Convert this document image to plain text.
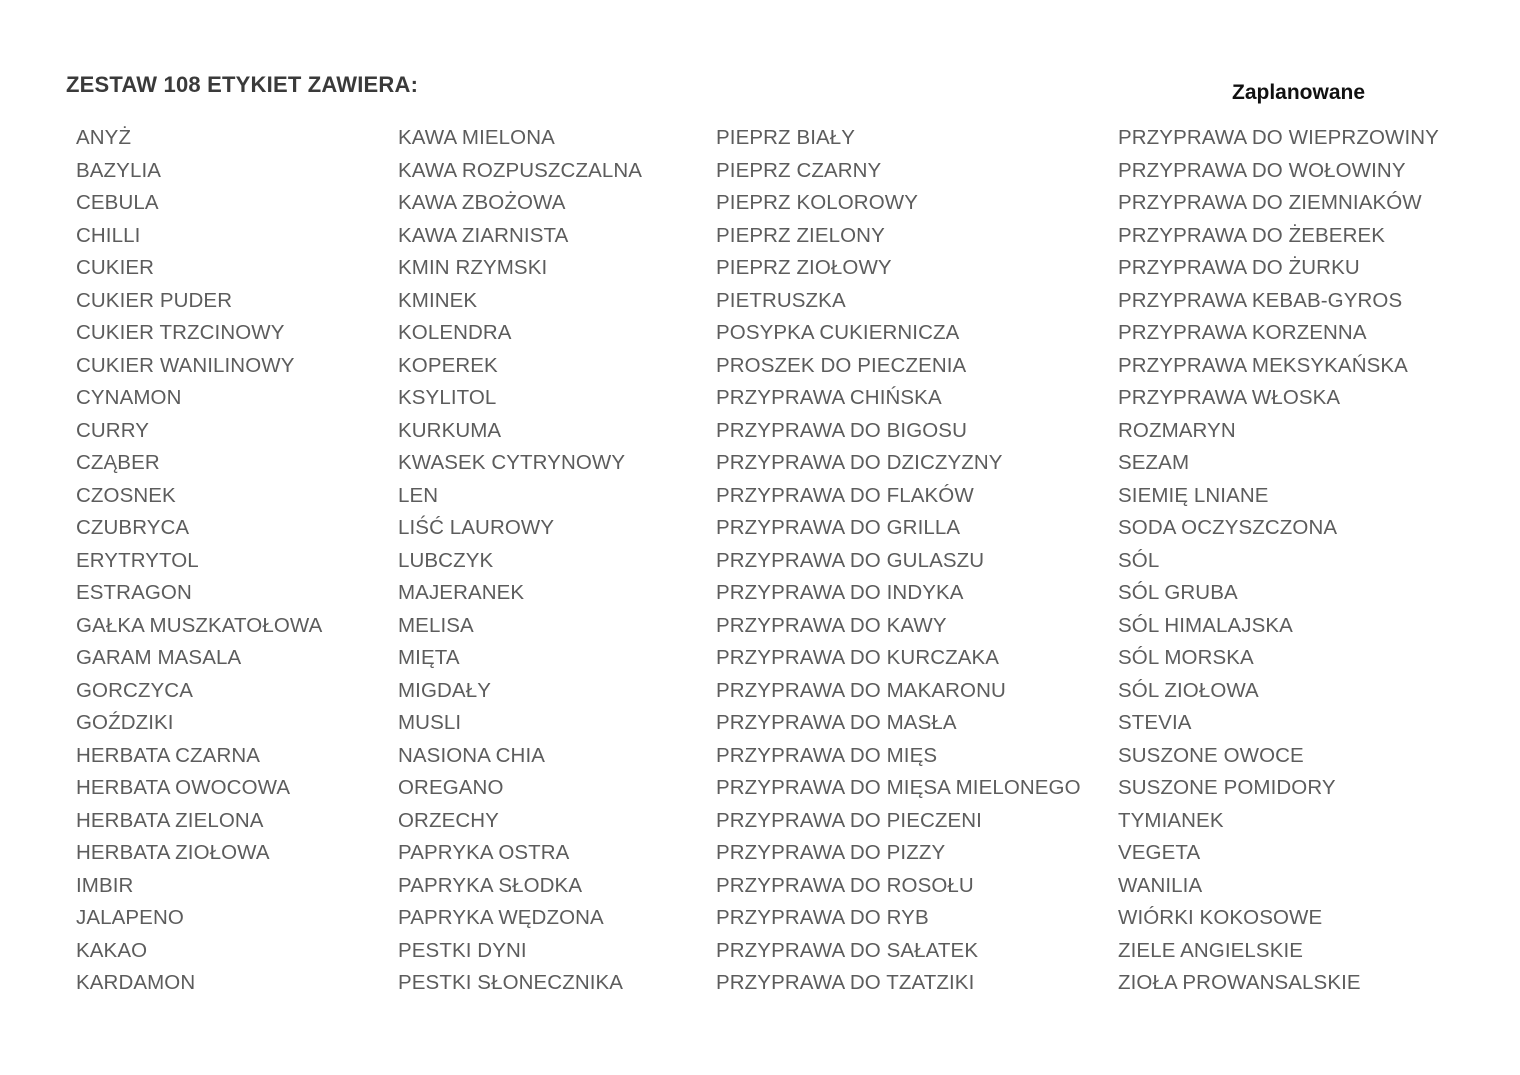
ZESTAW 108 ETYKIET ZAWIERA:	Zaplanowane
ANYŻ
BAZYLIA
CEBULA
CHILLI
CUKIER
CUKIER PUDER
CUKIER TRZCINOWY
CUKIER WANILINOWY
CYNAMON
CURRY
CZĄBER
CZOSNEK
CZUBRYCA
ERYTRYTOL
ESTRAGON
GAŁKA MUSZKATOŁOWA
GARAM MASALA
GORCZYCA
GOŹDZIKI
HERBATA CZARNA
HERBATA OWOCOWA
HERBATA ZIELONA
HERBATA ZIOŁOWA
IMBIR
JALAPENO
KAKAO
KARDAMON
KAWA MIELONA
KAWA ROZPUSZCZALNA
KAWA ZBOŻOWA
KAWA ZIARNISTA
KMIN RZYMSKI
KMINEK
KOLENDRA
KOPEREK
KSYLITOL
KURKUMA
KWASEK CYTRYNOWY
LEN
LIŚĆ LAUROWY
LUBCZYK
MAJERANEK
MELISA
MIĘTA
MIGDAŁY
MUSLI
NASIONA CHIA
OREGANO
ORZECHY
PAPRYKA OSTRA
PAPRYKA SŁODKA
PAPRYKA WĘDZONA
PESTKI DYNI
PESTKI SŁONECZNIKA
PIEPRZ BIAŁY
PIEPRZ CZARNY
PIEPRZ KOLOROWY
PIEPRZ ZIELONY
PIEPRZ ZIOŁOWY
PIETRUSZKA
POSYPKA CUKIERNICZA
PROSZEK DO PIECZENIA
PRZYPRAWA CHIŃSKA
PRZYPRAWA DO BIGOSU
PRZYPRAWA DO DZICZYZNY
PRZYPRAWA DO FLAKÓW
PRZYPRAWA DO GRILLA
PRZYPRAWA DO GULASZU
PRZYPRAWA DO INDYKA
PRZYPRAWA DO KAWY
PRZYPRAWA DO KURCZAKA
PRZYPRAWA DO MAKARONU
PRZYPRAWA DO MASŁA
PRZYPRAWA DO MIĘS
PRZYPRAWA DO MIĘSA MIELONEGO
PRZYPRAWA DO PIECZENI
PRZYPRAWA DO PIZZY
PRZYPRAWA DO ROSOŁU
PRZYPRAWA DO RYB
PRZYPRAWA DO SAŁATEK
PRZYPRAWA DO TZATZIKI
PRZYPRAWA DO WIEPRZOWINY
PRZYPRAWA DO WOŁOWINY
PRZYPRAWA DO ZIEMNIAKÓW
PRZYPRAWA DO ŻEBEREK
PRZYPRAWA DO ŻURKU
PRZYPRAWA KEBAB-GYROS
PRZYPRAWA KORZENNA
PRZYPRAWA MEKSYKAŃSKA
PRZYPRAWA WŁOSKA
ROZMARYN
SEZAM
SIEMIĘ LNIANE
SODA OCZYSZCZONA
SÓL
SÓL GRUBA
SÓL HIMALAJSKA
SÓL MORSKA
SÓL ZIOŁOWA
STEVIA
SUSZONE OWOCE
SUSZONE POMIDORY
TYMIANEK
VEGETA
WANILIA
WIÓRKI KOKOSOWE
ZIELE ANGIELSKIE
ZIOŁA PROWANSALSKIE
